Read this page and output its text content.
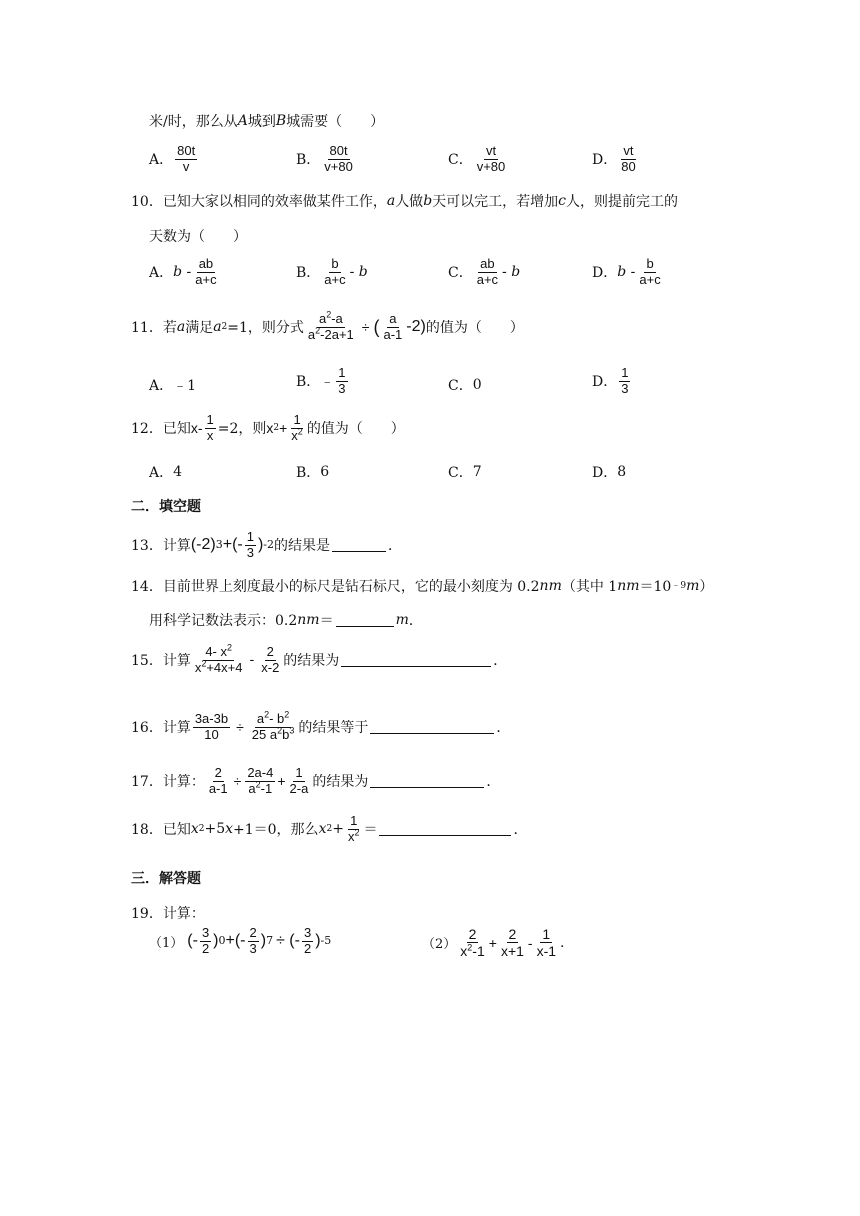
米/时，那么从 A 城到 B 城需要（　　）
A． $\frac{80t}{v}$	B． $\frac{80t}{v+80}$	C． $\frac{vt}{v+80}$	D． $\frac{vt}{80}$
10． 已知大家以相同的效率做某件工作， a 人做 b 天可以完工，若增加 c 人，则提前完工的
天数为（　　）
A． b - $\frac{ab}{a+c}$	B． $\frac{b}{a+c}$ - b	C． $\frac{ab}{a+c}$ - b	D． b - $\frac{b}{a+c}$
11． 若 a 满足 a 2 =1，则分式 $\frac{a^2-a}{a^2-2a+1}$ ÷ ( $\frac{a}{a-1} -2$) 的值为（　　）
A． ﹣1	B． ﹣ $\frac{1}{3}$	C． 0	D． $\frac{1}{3}$
12． 已知 $x - \frac{1}{x} =2$，则 x $2 + \frac{1}{x^2}$ 的值为（　　）
A． 4	B． 6	C． 7	D． 8
二．填空题
13． 计算 (-2) 3 +(- $\frac{1}{3}$ ) -2 的结果是	．
14． 目前世界上刻度最小的标尺是钻石标尺，它的最小刻度为 0.2 nm （其中 1 nm ＝10 ﹣9 m ）
用科学记数法表示：0.2 nm ＝	m ．
15． 计算 $\frac{4- x^2}{x^2+4x+4} - \frac{2}{x-2}$ 的结果为	．
16． 计算 $\frac{3a-3b}{10} \div \frac{a^2- b^2}{25 a^2b^3}$ 的结果等于	．
17． 计算： $\frac{2}{a-1} \div \frac{2a-4}{a^2-1} + \frac{1}{2-a}$ 的结果为	．
18． 已知 x 2 +5 x +1＝0，那么 x $2 + \frac{1}{x^2}$ ＝	．
三．解答题
19． 计算：
（1） (- $\frac{3}{2}$ ) 0 +(- $\frac{2}{3}$ ) 7 ÷ (- $\frac{3}{2}$ ) -5	$(2) \frac{2}{x^2-1} + \frac{2}{x+1} - \frac{1}{x-1}$ .
